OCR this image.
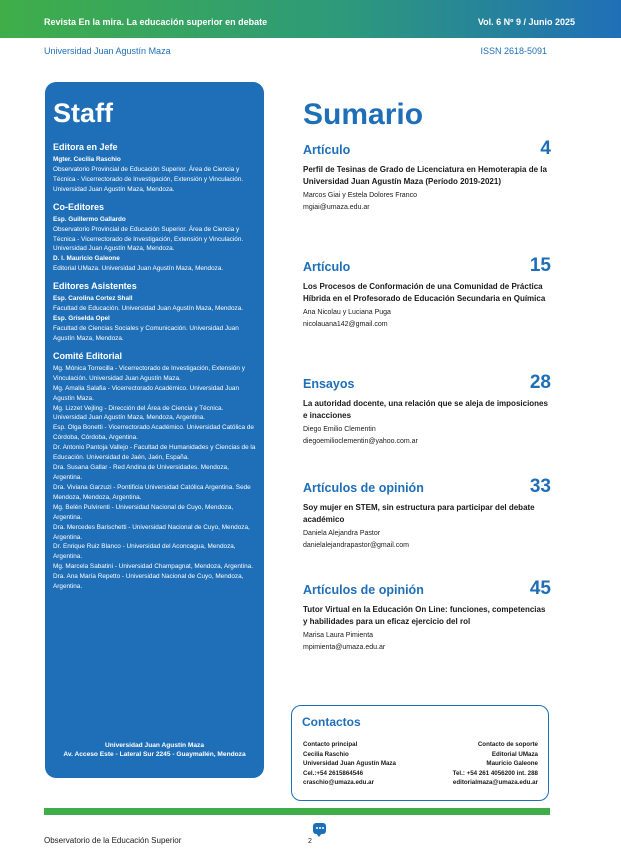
Revista En la mira. La educación superior en debate	Vol. 6 Nº 9 / Junio 2025
Universidad Juan Agustín Maza	ISSN 2618-5091
Staff
Editora en Jefe

Mgter. Cecilia Raschio

Observatorio Provincial de Educación Superior. Área de Ciencia y Técnica - Vicerrectorado de Investigación, Extensión y Vinculación. Universidad Juan Agustín Maza, Mendoza.

Co-Editores

Esp. Guillermo Gallardo

Observatorio Provincial de Educación Superior. Área de Ciencia y Técnica - Vicerrectorado de Investigación, Extensión y Vinculación. Universidad Juan Agustín Maza, Mendoza.

D. I. Mauricio Galeone

Editorial UMaza. Universidad Juan Agustín Maza, Mendoza.

Editores Asistentes

Esp. Carolina Cortez Shall

Facultad de Educación. Universidad Juan Agustín Maza, Mendoza.

Esp. Griselda Opel

Facultad de Ciencias Sociales y Comunicación. Universidad Juan Agustín Maza, Mendoza.

Comité Editorial

Mg. Mónica Torrecilla - Vicerrectorado de Investigación, Extensión y Vinculación. Universidad Juan Agustín Maza.

Mg. Amalia Salafia - Vicerrectorado Académico. Universidad Juan Agustín Maza.

Mg. Lizzet Vejling - Dirección del Área de Ciencia y Técnica. Universidad Juan Agustín Maza, Mendoza, Argentina.

Esp. Olga Bonetti - Vicerrectorado Académico. Universidad Católica de Córdoba, Córdoba, Argentina.

Dr. Antonio Pantoja Vallejo - Facultad de Humanidades y Ciencias de la Educación. Universidad de Jaén, Jaén, España.

Dra. Susana Gallar - Red Andina de Universidades. Mendoza, Argentina.

Dra. Viviana Garzuzi - Pontificia Universidad Católica Argentina. Sede Mendoza, Mendoza, Argentina.

Mg. Belén Pulvirenti - Universidad Nacional de Cuyo, Mendoza, Argentina.

Dra. Mercedes Barischetti - Universidad Nacional de Cuyo, Mendoza, Argentina.

Dr. Enrique Ruiz Blanco - Universidad del Aconcagua, Mendoza, Argentina.

Mg. Marcela Sabatini - Universidad Champagnat, Mendoza, Argentina.

Dra. Ana María Repetto - Universidad Nacional de Cuyo, Mendoza, Argentina.

Universidad Juan Agustín Maza
Av. Acceso Este - Lateral Sur 2245 - Guaymallén, Mendoza
Sumario
Artículo	4
Perfil de Tesinas de Grado de Licenciatura en Hemoterapia de la Universidad Juan Agustín Maza (Período 2019-2021)
Marcos Giai y Estela Dolores Franco
mgiai@umaza.edu.ar
Artículo	15
Los Procesos de Conformación de una Comunidad de Práctica Híbrida en el Profesorado de Educación Secundaria en Química
Ana Nicolau y Luciana Puga
nicolauana142@gmail.com
Ensayos	28
La autoridad docente, una relación que se aleja de imposiciones e inacciones
Diego Emilio Clementin
diegoemilioclementin@yahoo.com.ar
Artículos de opinión	33
Soy mujer en STEM, sin estructura para participar del debate académico
Daniela Alejandra Pastor
danielalejandrapastor@gmail.com
Artículos de opinión	45
Tutor Virtual en la Educación On Line: funciones, competencias y habilidades para un eficaz ejercicio del rol
Marisa Laura Pimienta
mpimienta@umaza.edu.ar
Contactos
Contacto principal
Cecilia Raschio
Universidad Juan Agustín Maza
Cel.:+54 2615864546
craschio@umaza.edu.ar
Contacto de soporte
Editorial UMaza
Mauricio Galeone
Tel.: +54 261 4056200 int. 288
editorialmaza@umaza.edu.ar
Observatorio de la Educación Superior	2
